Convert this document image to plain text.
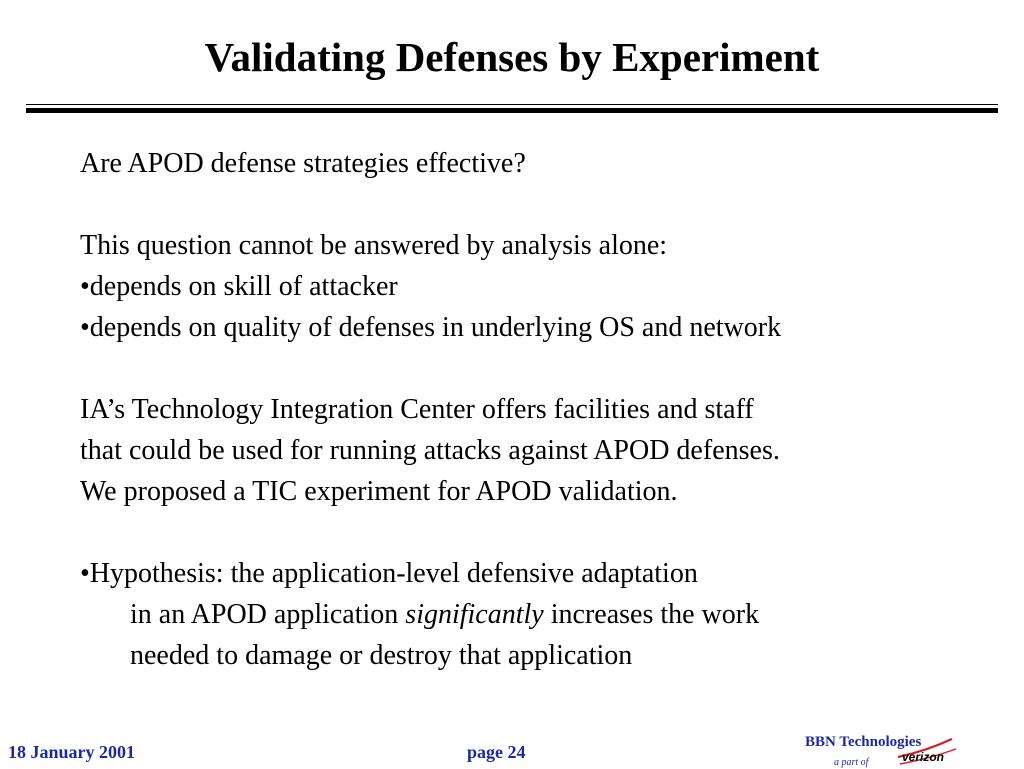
Validating Defenses by Experiment
Are APOD defense strategies effective?
This question cannot be answered by analysis alone:
•depends on skill of attacker
•depends on quality of defenses in underlying OS and network
IA’s Technology Integration Center offers facilities and staff
that could be used for running attacks against APOD defenses.
We proposed a TIC experiment for APOD validation.
•Hypothesis: the application-level defensive adaptation
in an APOD application significantly increases the work
needed to damage or destroy that application
18 January 2001	page 24	BBN Technologies
a part of	verizon
